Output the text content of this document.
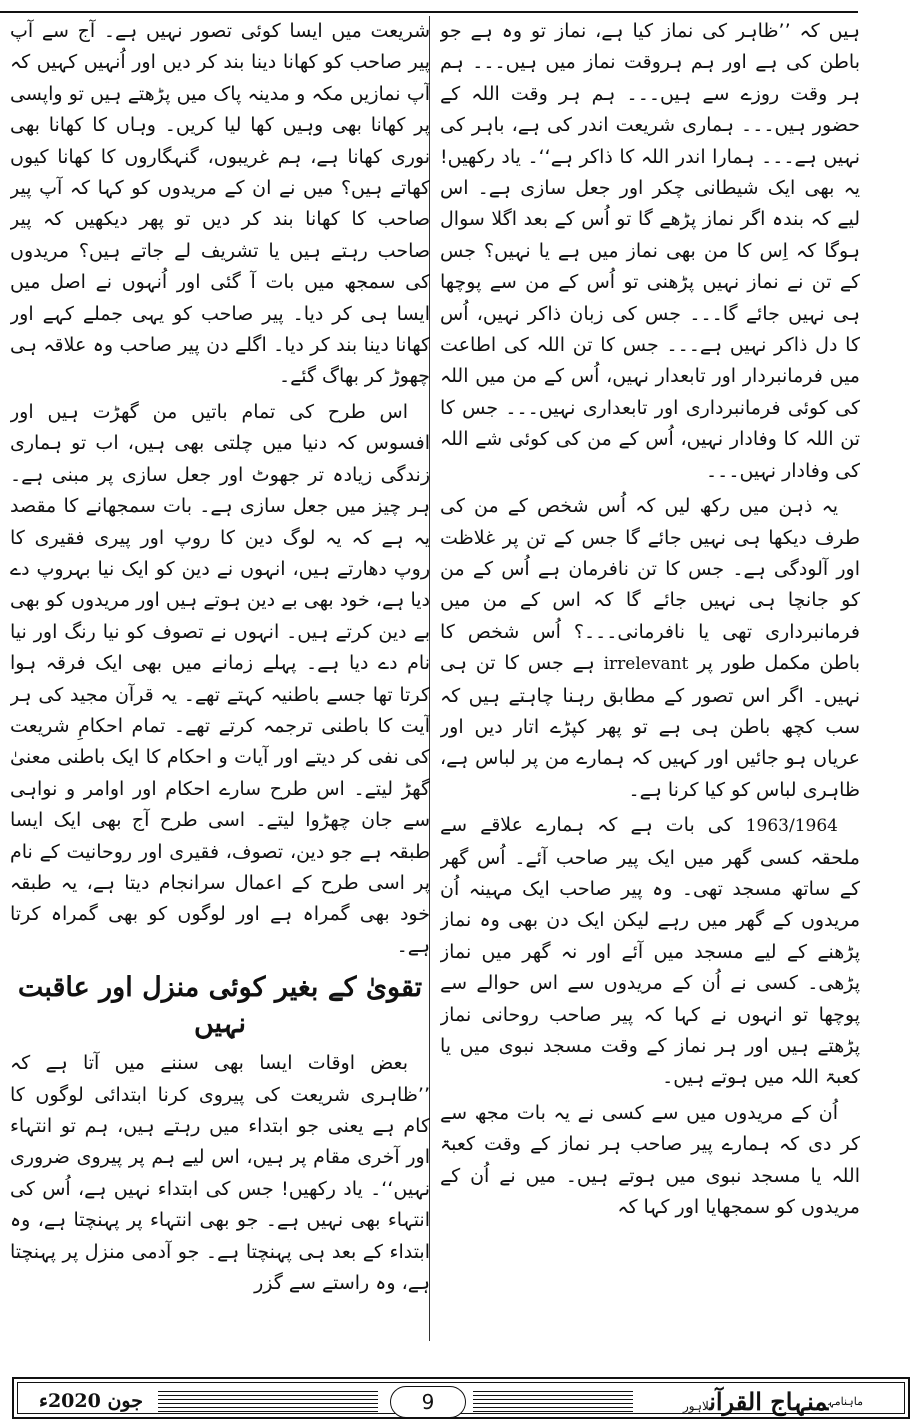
ہیں کہ ’’ظاہر کی نماز کیا ہے، نماز تو وہ ہے جو باطن کی ہے اور ہم ہروقت نماز میں ہیں۔۔۔ ہم ہر وقت روزے سے ہیں۔۔۔ ہم ہر وقت اللہ کے حضور ہیں۔۔۔ ہماری شریعت اندر کی ہے، باہر کی نہیں ہے۔۔۔ ہمارا اندر اللہ کا ذاکر ہے‘‘۔ یاد رکھیں! یہ بھی ایک شیطانی چکر اور جعل سازی ہے۔ اس لیے کہ بندہ اگر نماز پڑھے گا تو اُس کے بعد اگلا سوال ہوگا کہ اِس کا من بھی نماز میں ہے یا نہیں؟ جس کے تن نے نماز نہیں پڑھنی تو اُس کے من سے پوچھا ہی نہیں جائے گا۔۔۔ جس کی زبان ذاکر نہیں، اُس کا دل ذاکر نہیں ہے۔۔۔ جس کا تن اللہ کی اطاعت میں فرمانبردار اور تابعدار نہیں، اُس کے من میں اللہ کی کوئی فرمانبرداری اور تابعداری نہیں۔۔۔ جس کا تن اللہ کا وفادار نہیں، اُس کے من کی کوئی شے اللہ کی وفادار نہیں۔۔۔

یہ ذہن میں رکھ لیں کہ اُس شخص کے من کی طرف دیکھا ہی نہیں جائے گا جس کے تن پر غلاظت اور آلودگی ہے۔ جس کا تن نافرمان ہے اُس کے من کو جانچا ہی نہیں جائے گا کہ اس کے من میں فرمانبرداری تھی یا نافرمانی۔۔۔؟ اُس شخص کا باطن مکمل طور پر irrelevant ہے جس کا تن ہی نہیں۔ اگر اس تصور کے مطابق رہنا چاہتے ہیں کہ سب کچھ باطن ہی ہے تو پھر کپڑے اتار دیں اور عریاں ہو جائیں اور کہیں کہ ہمارے من پر لباس ہے، ظاہری لباس کو کیا کرنا ہے۔

1963/1964 کی بات ہے کہ ہمارے علاقے سے ملحقہ کسی گھر میں ایک پیر صاحب آئے۔ اُس گھر کے ساتھ مسجد تھی۔ وہ پیر صاحب ایک مہینہ اُن مریدوں کے گھر میں رہے لیکن ایک دن بھی وہ نماز پڑھنے کے لیے مسجد میں آئے اور نہ گھر میں نماز پڑھی۔ کسی نے اُن کے مریدوں سے اس حوالے سے پوچھا تو انہوں نے کہا کہ پیر صاحب روحانی نماز پڑھتے ہیں اور ہر نماز کے وقت مسجد نبوی میں یا کعبۃ اللہ میں ہوتے ہیں۔

اُن کے مریدوں میں سے کسی نے یہ بات مجھ سے کر دی کہ ہمارے پیر صاحب ہر نماز کے وقت کعبۃ اللہ یا مسجد نبوی میں ہوتے ہیں۔ میں نے اُن کے مریدوں کو سمجھایا اور کہا کہ

شریعت میں ایسا کوئی تصور نہیں ہے۔ آج سے آپ پیر صاحب کو کھانا دینا بند کر دیں اور اُنہیں کہیں کہ آپ نمازیں مکہ و مدینہ پاک میں پڑھتے ہیں تو واپسی پر کھانا بھی وہیں کھا لیا کریں۔ وہاں کا کھانا بھی نوری کھانا ہے، ہم غریبوں، گنہگاروں کا کھانا کیوں کھاتے ہیں؟ میں نے ان کے مریدوں کو کہا کہ آپ پیر صاحب کا کھانا بند کر دیں تو پھر دیکھیں کہ پیر صاحب رہتے ہیں یا تشریف لے جاتے ہیں؟ مریدوں کی سمجھ میں بات آ گئی اور اُنہوں نے اصل میں ایسا ہی کر دیا۔ پیر صاحب کو یہی جملے کہے اور کھانا دینا بند کر دیا۔ اگلے دن پیر صاحب وہ علاقہ ہی چھوڑ کر بھاگ گئے۔

اس طرح کی تمام باتیں من گھڑت ہیں اور افسوس کہ دنیا میں چلتی بھی ہیں، اب تو ہماری زندگی زیادہ تر جھوٹ اور جعل سازی پر مبنی ہے۔ ہر چیز میں جعل سازی ہے۔ بات سمجھانے کا مقصد یہ ہے کہ یہ لوگ دین کا روپ اور پیری فقیری کا روپ دھارتے ہیں، انہوں نے دین کو ایک نیا بہروپ دے دیا ہے، خود بھی بے دین ہوتے ہیں اور مریدوں کو بھی بے دین کرتے ہیں۔ انہوں نے تصوف کو نیا رنگ اور نیا نام دے دیا ہے۔ پہلے زمانے میں بھی ایک فرقہ ہوا کرتا تھا جسے باطنیہ کہتے تھے۔ یہ قرآن مجید کی ہر آیت کا باطنی ترجمہ کرتے تھے۔ تمام احکامِ شریعت کی نفی کر دیتے اور آیات و احکام کا ایک باطنی معنیٰ گھڑ لیتے۔ اس طرح سارے احکام اور اوامر و نواہی سے جان چھڑوا لیتے۔ اسی طرح آج بھی ایک ایسا طبقہ ہے جو دین، تصوف، فقیری اور روحانیت کے نام پر اسی طرح کے اعمال سرانجام دیتا ہے، یہ طبقہ خود بھی گمراہ ہے اور لوگوں کو بھی گمراہ کرتا ہے۔

تقویٰ کے بغیر کوئی منزل اور عاقبت نہیں

بعض اوقات ایسا بھی سننے میں آتا ہے کہ ’’ظاہری شریعت کی پیروی کرنا ابتدائی لوگوں کا کام ہے یعنی جو ابتداء میں رہتے ہیں، ہم تو انتہاء اور آخری مقام پر ہیں، اس لیے ہم پر پیروی ضروری نہیں‘‘۔ یاد رکھیں! جس کی ابتداء نہیں ہے، اُس کی انتہاء بھی نہیں ہے۔ جو بھی انتہاء پر پہنچتا ہے، وہ ابتداء کے بعد ہی پہنچتا ہے۔ جو آدمی منزل پر پہنچتا ہے، وہ راستے سے گزر

جون 2020ء	9	$^{ماہنامہ}$منہاج القرآنلاہور
